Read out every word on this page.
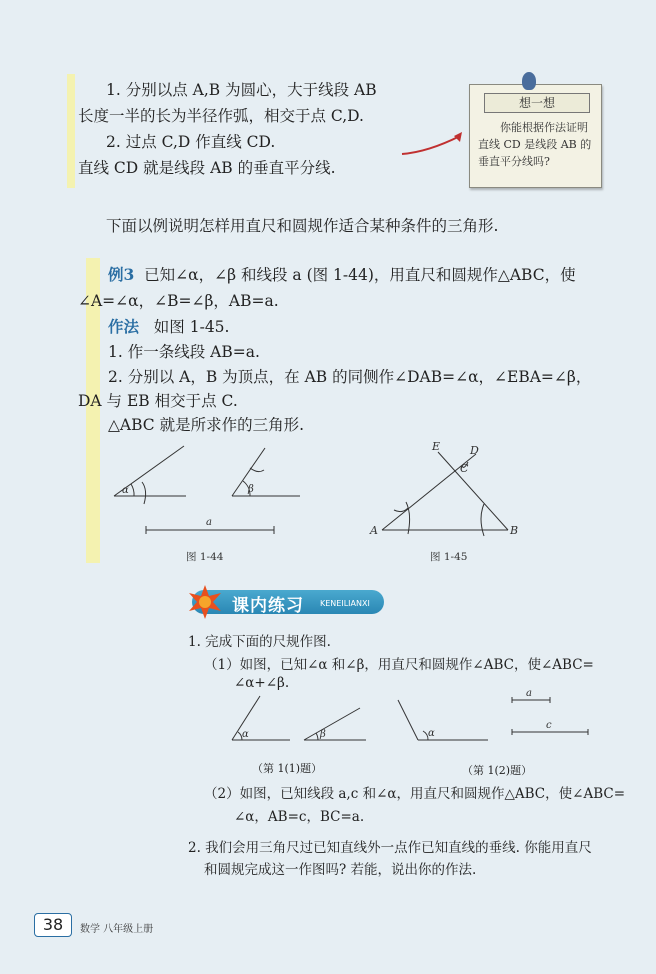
1. 分别以点 A,B 为圆心，大于线段 AB
长度一半的长为半径作弧，相交于点 C,D.
2. 过点 C,D 作直线 CD.
直线 CD 就是线段 AB 的垂直平分线.
想一想
你能根据作法证明直线 CD 是线段 AB 的垂直平分线吗?
下面以例说明怎样用直尺和圆规作适合某种条件的三角形.
例3 已知∠α，∠β 和线段 a (图 1-44)，用直尺和圆规作△ABC，使
∠A=∠α，∠B=∠β，AB=a.
作法 如图 1-45.
1. 作一条线段 AB=a.
2. 分别以 A，B 为顶点，在 AB 的同侧作∠DAB=∠α，∠EBA=∠β，
DA 与 EB 相交于点 C.
△ABC 就是所求作的三角形.
α	β
a
图 1-44
A	B
C
D
E
图 1-45
课内练习 KENEILIANXI
1. 完成下面的尺规作图.
（1）如图，已知∠α 和∠β，用直尺和圆规作∠ABC，使∠ABC=
∠α+∠β.
α	β	α
a
c
（第 1(1)题）	（第 1(2)题）
（2）如图，已知线段 a,c 和∠α，用直尺和圆规作△ABC，使∠ABC=
∠α，AB=c，BC=a.
2. 我们会用三角尺过已知直线外一点作已知直线的垂线. 你能用直尺
和圆规完成这一作图吗? 若能，说出你的作法.
38	数学 八年级上册
